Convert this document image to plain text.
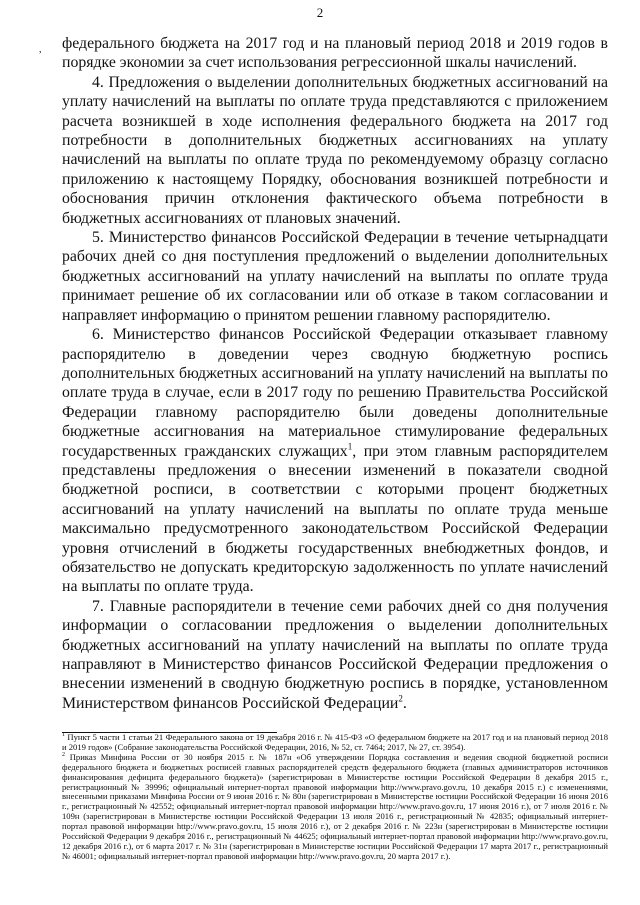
2
, федерального бюджета на 2017 год и на плановый период 2018 и 2019 годов в порядке экономии за счет использования регрессионной шкалы начислений.

4. Предложения о выделении дополнительных бюджетных ассигнований на уплату начислений на выплаты по оплате труда представляются с приложением расчета возникшей в ходе исполнения федерального бюджета на 2017 год потребности в дополнительных бюджетных ассигнованиях на уплату начислений на выплаты по оплате труда по рекомендуемому образцу согласно приложению к настоящему Порядку, обоснования возникшей потребности и обоснования причин отклонения фактического объема потребности в бюджетных ассигнованиях от плановых значений.

5. Министерство финансов Российской Федерации в течение четырнадцати рабочих дней со дня поступления предложений о выделении дополнительных бюджетных ассигнований на уплату начислений на выплаты по оплате труда принимает решение об их согласовании или об отказе в таком согласовании и направляет информацию о принятом решении главному распорядителю.

6. Министерство финансов Российской Федерации отказывает главному распорядителю в доведении через сводную бюджетную роспись дополнительных бюджетных ассигнований на уплату начислений на выплаты по оплате труда в случае, если в 2017 году по решению Правительства Российской Федерации главному распорядителю были доведены дополнительные бюджетные ассигнования на материальное стимулирование федеральных государственных гражданских служащих$^1$, при этом главным распорядителем представлены предложения о внесении изменений в показатели сводной бюджетной росписи, в соответствии с которыми процент бюджетных ассигнований на уплату начислений на выплаты по оплате труда меньше максимально предусмотренного законодательством Российской Федерации уровня отчислений в бюджеты государственных внебюджетных фондов, и обязательство не допускать кредиторскую задолженность по уплате начислений на выплаты по оплате труда.

7. Главные распорядители в течение семи рабочих дней со дня получения информации о согласовании предложения о выделении дополнительных бюджетных ассигнований на уплату начислений на выплаты по оплате труда направляют в Министерство финансов Российской Федерации предложения о внесении изменений в сводную бюджетную роспись в порядке, установленном Министерством финансов Российской Федерации$^2$.

$^1$ Пункт 5 части 1 статьи 21 Федерального закона от 19 декабря 2016 г. № 415-ФЗ «О федеральном бюджете на 2017 год и на плановый период 2018 и 2019 годов» (Собрание законодательства Российской Федерации, 2016, № 52, ст. 7464; 2017, № 27, ст. 3954).

$^2$ Приказ Минфина России от 30 ноября 2015 г. № 187н «Об утверждении Порядка составления и ведения сводной бюджетной росписи федерального бюджета и бюджетных росписей главных распорядителей средств федерального бюджета (главных администраторов источников финансирования дефицита федерального бюджета)» (зарегистрирован в Министерстве юстиции Российской Федерации 8 декабря 2015 г., регистрационный № 39996; официальный интернет-портал правовой информации http://www.pravo.gov.ru, 10 декабря 2015 г.) с изменениями, внесенными приказами Минфина России от 9 июня 2016 г. № 80н (зарегистрирован в Министерстве юстиции Российской Федерации 16 июня 2016 г., регистрационный № 42552; официальный интернет-портал правовой информации http://www.pravo.gov.ru, 17 июня 2016 г.), от 7 июля 2016 г. № 109н (зарегистрирован в Министерстве юстиции Российской Федерации 13 июля 2016 г., регистрационный № 42835; официальный интернет-портал правовой информации http://www.pravo.gov.ru, 15 июля 2016 г.), от 2 декабря 2016 г. № 223н (зарегистрирован в Министерстве юстиции Российской Федерации 9 декабря 2016 г., регистрационный № 44625; официальный интернет-портал правовой информации http://www.pravo.gov.ru, 12 декабря 2016 г.), от 6 марта 2017 г. № 31н (зарегистрирован в Министерстве юстиции Российской Федерации 17 марта 2017 г., регистрационный № 46001; официальный интернет-портал правовой информации http://www.pravo.gov.ru, 20 марта 2017 г.).
